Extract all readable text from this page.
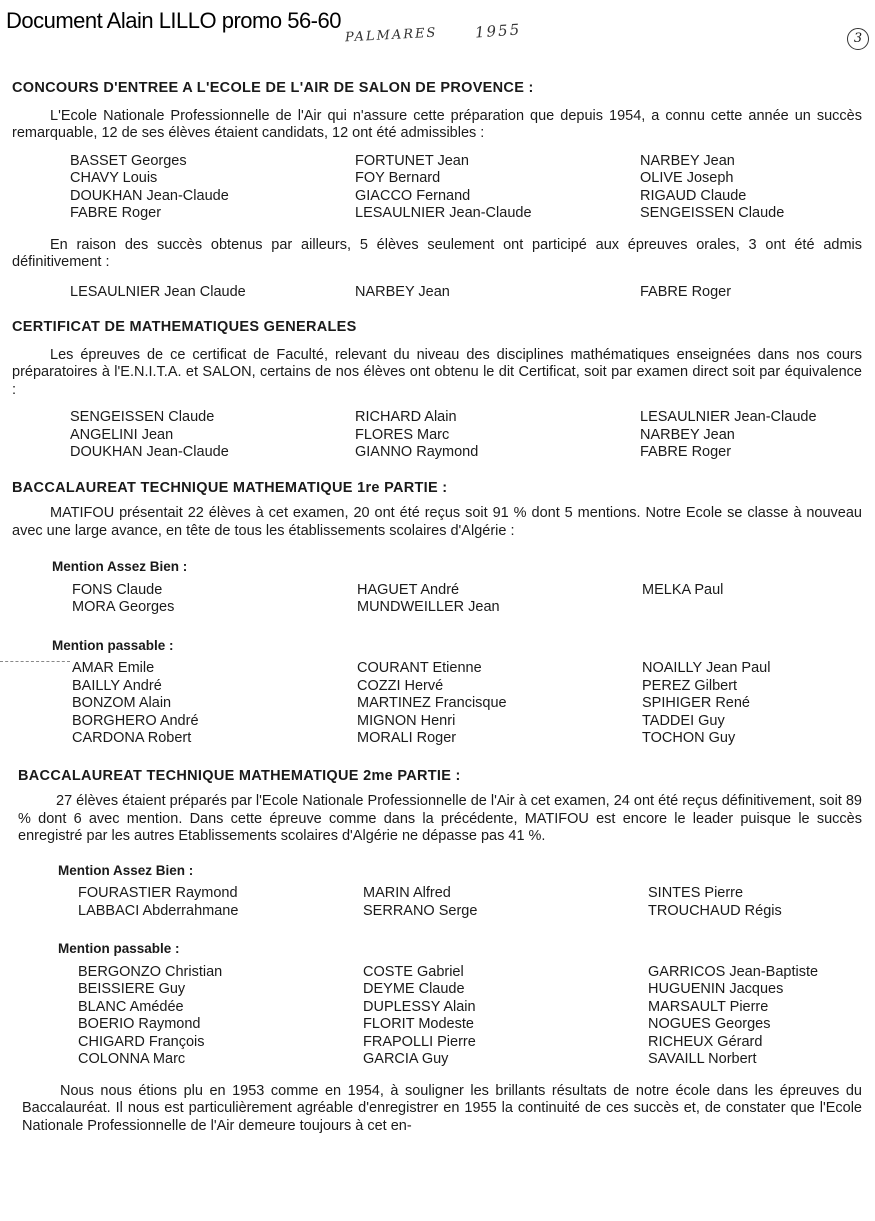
Document Alain LILLO promo 56-60
PALMARES 1955	3
CONCOURS D'ENTREE A L'ECOLE DE L'AIR DE SALON DE PROVENCE :

L'Ecole Nationale Professionnelle de l'Air qui n'assure cette préparation que depuis 1954, a connu cette année un succès remarquable, 12 de ses élèves étaient candidats, 12 ont été admissibles :

BASSET Georges	FORTUNET Jean	NARBEY Jean
CHAVY Louis	FOY Bernard	OLIVE Joseph
DOUKHAN Jean-Claude	GIACCO Fernand	RIGAUD Claude
FABRE Roger	LESAULNIER Jean-Claude	SENGEISSEN Claude

En raison des succès obtenus par ailleurs, 5 élèves seulement ont participé aux épreuves orales, 3 ont été admis définitivement :

LESAULNIER Jean Claude	NARBEY Jean	FABRE Roger
CERTIFICAT DE MATHEMATIQUES GENERALES

Les épreuves de ce certificat de Faculté, relevant du niveau des disciplines mathématiques enseignées dans nos cours préparatoires à l'E.N.I.T.A. et SALON, certains de nos élèves ont obtenu le dit Certificat, soit par examen direct soit par équivalence :

SENGEISSEN Claude	RICHARD Alain	LESAULNIER Jean-Claude
ANGELINI Jean	FLORES Marc	NARBEY Jean
DOUKHAN Jean-Claude	GIANNO Raymond	FABRE Roger
BACCALAUREAT TECHNIQUE MATHEMATIQUE 1re PARTIE :

MATIFOU présentait 22 élèves à cet examen, 20 ont été reçus soit 91 % dont 5 mentions. Notre Ecole se classe à nouveau avec une large avance, en tête de tous les établissements scolaires d'Algérie :

Mention Assez Bien :
FONS Claude	HAGUET André	MELKA Paul
MORA Georges	MUNDWEILLER Jean
Mention passable :
AMAR Emile	COURANT Etienne	NOAILLY Jean Paul
BAILLY André	COZZI Hervé	PEREZ Gilbert
BONZOM Alain	MARTINEZ Francisque	SPIHIGER René
BORGHERO André	MIGNON Henri	TADDEI Guy
CARDONA Robert	MORALI Roger	TOCHON Guy
BACCALAUREAT TECHNIQUE MATHEMATIQUE 2me PARTIE :

27 élèves étaient préparés par l'Ecole Nationale Professionnelle de l'Air à cet examen, 24 ont été reçus définitivement, soit 89 % dont 6 avec mention. Dans cette épreuve comme dans la précédente, MATIFOU est encore le leader puisque le succès enregistré par les autres Etablissements scolaires d'Algérie ne dépasse pas 41 %.

Mention Assez Bien :
FOURASTIER Raymond	MARIN Alfred	SINTES Pierre
LABBACI Abderrahmane	SERRANO Serge	TROUCHAUD Régis
Mention passable :
BERGONZO Christian	COSTE Gabriel	GARRICOS Jean-Baptiste
BEISSIERE Guy	DEYME Claude	HUGUENIN Jacques
BLANC Amédée	DUPLESSY Alain	MARSAULT Pierre
BOERIO Raymond	FLORIT Modeste	NOGUES Georges
CHIGARD François	FRAPOLLI Pierre	RICHEUX Gérard
COLONNA Marc	GARCIA Guy	SAVAILL Norbert

Nous nous étions plu en 1953 comme en 1954, à souligner les brillants résultats de notre école dans les épreuves du Baccalauréat. Il nous est particulièrement agréable d'enregistrer en 1955 la continuité de ces succès et, de constater que l'Ecole Nationale Professionnelle de l'Air demeure toujours à cet en-
